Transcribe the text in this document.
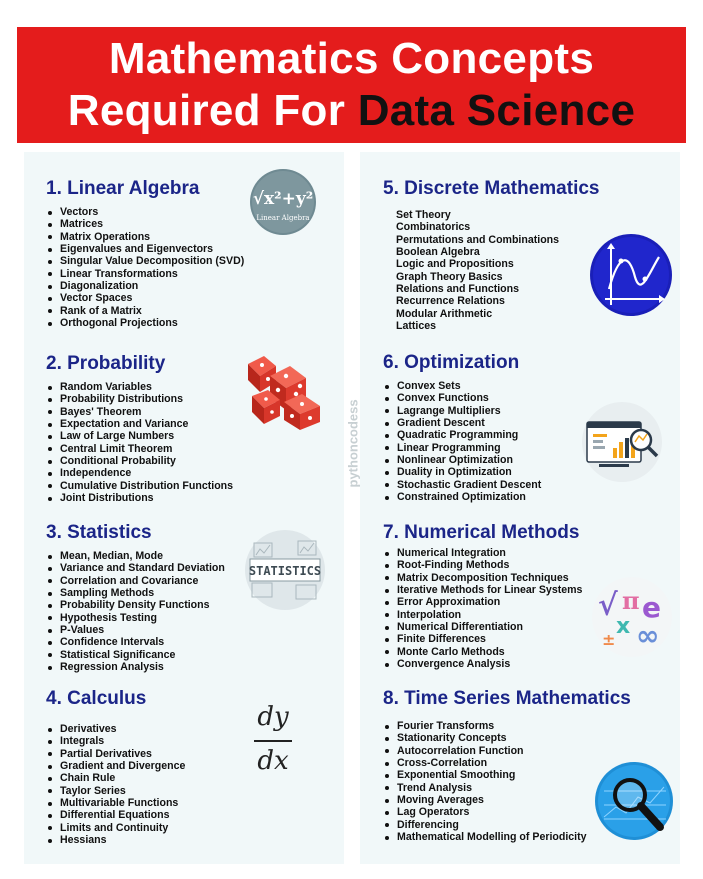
Mathematics Concepts
Required For Data Science
pythoncodess
1. Linear Algebra
Vectors
Matrices
Matrix Operations
Eigenvalues and Eigenvectors
Singular Value Decomposition (SVD)
Linear Transformations
Diagonalization
Vector Spaces
Rank of a Matrix
Orthogonal Projections
2. Probability
Random Variables
Probability Distributions
Bayes' Theorem
Expectation and Variance
Law of Large Numbers
Central Limit Theorem
Conditional Probability
Independence
Cumulative Distribution Functions
Joint Distributions
3. Statistics
Mean, Median, Mode
Variance and Standard Deviation
Correlation and Covariance
Sampling Methods
Probability Density Functions
Hypothesis Testing
P-Values
Confidence Intervals
Statistical Significance
Regression Analysis
4. Calculus
Derivatives
Integrals
Partial Derivatives
Gradient and Divergence
Chain Rule
Taylor Series
Multivariable Functions
Differential Equations
Limits and Continuity
Hessians
5. Discrete Mathematics
Set Theory
Combinatorics
Permutations and Combinations
Boolean Algebra
Logic and Propositions
Graph Theory Basics
Relations and Functions
Recurrence Relations
Modular Arithmetic
Lattices
6. Optimization
Convex Sets
Convex Functions
Lagrange Multipliers
Gradient Descent
Quadratic Programming
Linear Programming
Nonlinear Optimization
Duality in Optimization
Stochastic Gradient Descent
Constrained Optimization
7. Numerical Methods
Numerical Integration
Root-Finding Methods
Matrix Decomposition Techniques
Iterative Methods for Linear Systems
Error Approximation
Interpolation
Numerical Differentiation
Finite Differences
Monte Carlo Methods
Convergence Analysis
8. Time Series Mathematics
Fourier Transforms
Stationarity Concepts
Autocorrelation Function
Cross-Correlation
Exponential Smoothing
Trend Analysis
Moving Averages
Lag Operators
Differencing
Mathematical Modelling of Periodicity
√x²+y²
Linear Algebra
STATISTICS
dy
dx
√ π e
x ∞
±
